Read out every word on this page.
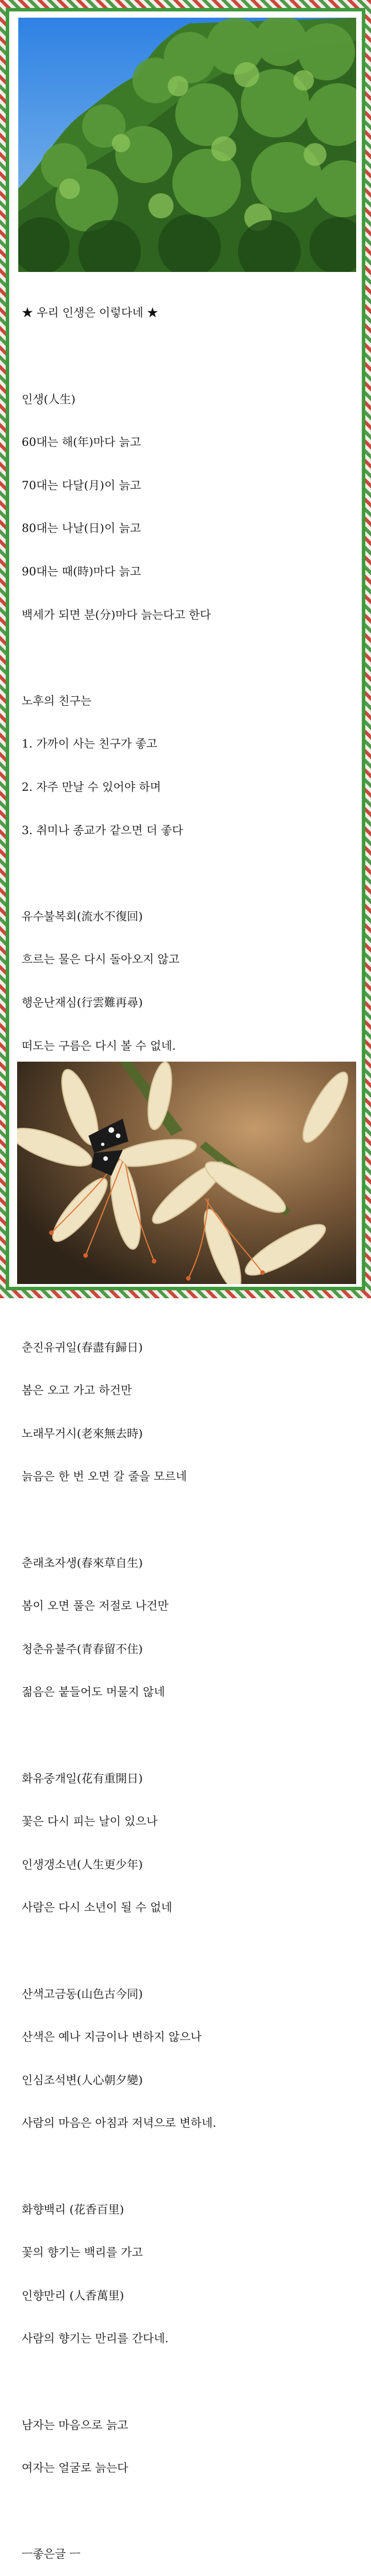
★ 우리 인생은 이렇다네 ★

인생(人生)

60대는 해(年)마다 늙고

70대는 다달(月)이 늙고

80대는 나날(日)이 늙고

90대는 때(時)마다 늙고

백세가 되면 분(分)마다 늙는다고 한다

노후의 친구는

1. 가까이 사는 친구가 좋고

2. 자주 만날 수 있어야 하며

3. 취미나 종교가 같으면 더 좋다

유수불복회(流水不復回)

흐르는 물은 다시 돌아오지 않고

행운난재심(行雲難再尋)

떠도는 구름은 다시 볼 수 없네.

춘진유귀일(春盡有歸日)

봄은 오고 가고 하건만

노래무거시(老來無去時)

늙음은 한 번 오면 갈 줄을 모르네

춘래초자생(春來草自生)

봄이 오면 풀은 저절로 나건만

청춘유불주(青春留不住)

젊음은 붙들어도 머물지 않네

화유중개일(花有重開日)

꽃은 다시 피는 날이 있으나

인생갱소년(人生更少年)

사람은 다시 소년이 될 수 없네

산색고금동(山色古今同)

산색은 예나 지금이나 변하지 않으나

인심조석변(人心朝夕變)

사람의 마음은 아침과 저녁으로 변하네.

화향백리 (花香百里)

꽃의 향기는 백리를 가고

인향만리 (人香萬里)

사람의 향기는 만리를 간다네.

남자는 마음으로 늙고

여자는 얼굴로 늙는다

ㅡ좋은글 ㅡ
